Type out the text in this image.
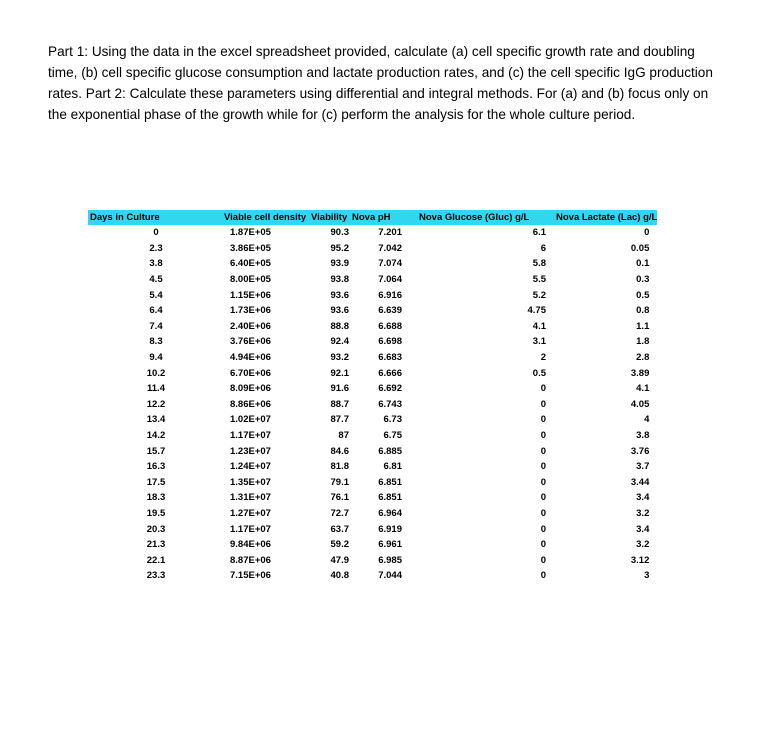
Part 1: Using the data in the excel spreadsheet provided, calculate (a) cell specific growth rate and doubling time, (b) cell specific glucose consumption and lactate production rates, and (c) the cell specific IgG production rates. Part 2: Calculate these parameters using differential and integral methods. For (a) and (b) focus only on the exponential phase of the growth while for (c) perform the analysis for the whole culture period.

Days in Culture	Viable cell density	Viability	Nova pH	Nova Glucose (Gluc) g/L	Nova Lactate (Lac) g/L
0	1.87E+05	90.3	7.201	6.1	0
2.3	3.86E+05	95.2	7.042	6	0.05
3.8	6.40E+05	93.9	7.074	5.8	0.1
4.5	8.00E+05	93.8	7.064	5.5	0.3
5.4	1.15E+06	93.6	6.916	5.2	0.5
6.4	1.73E+06	93.6	6.639	4.75	0.8
7.4	2.40E+06	88.8	6.688	4.1	1.1
8.3	3.76E+06	92.4	6.698	3.1	1.8
9.4	4.94E+06	93.2	6.683	2	2.8
10.2	6.70E+06	92.1	6.666	0.5	3.89
11.4	8.09E+06	91.6	6.692	0	4.1
12.2	8.86E+06	88.7	6.743	0	4.05
13.4	1.02E+07	87.7	6.73	0	4
14.2	1.17E+07	87	6.75	0	3.8
15.7	1.23E+07	84.6	6.885	0	3.76
16.3	1.24E+07	81.8	6.81	0	3.7
17.5	1.35E+07	79.1	6.851	0	3.44
18.3	1.31E+07	76.1	6.851	0	3.4
19.5	1.27E+07	72.7	6.964	0	3.2
20.3	1.17E+07	63.7	6.919	0	3.4
21.3	9.84E+06	59.2	6.961	0	3.2
22.1	8.87E+06	47.9	6.985	0	3.12
23.3	7.15E+06	40.8	7.044	0	3
